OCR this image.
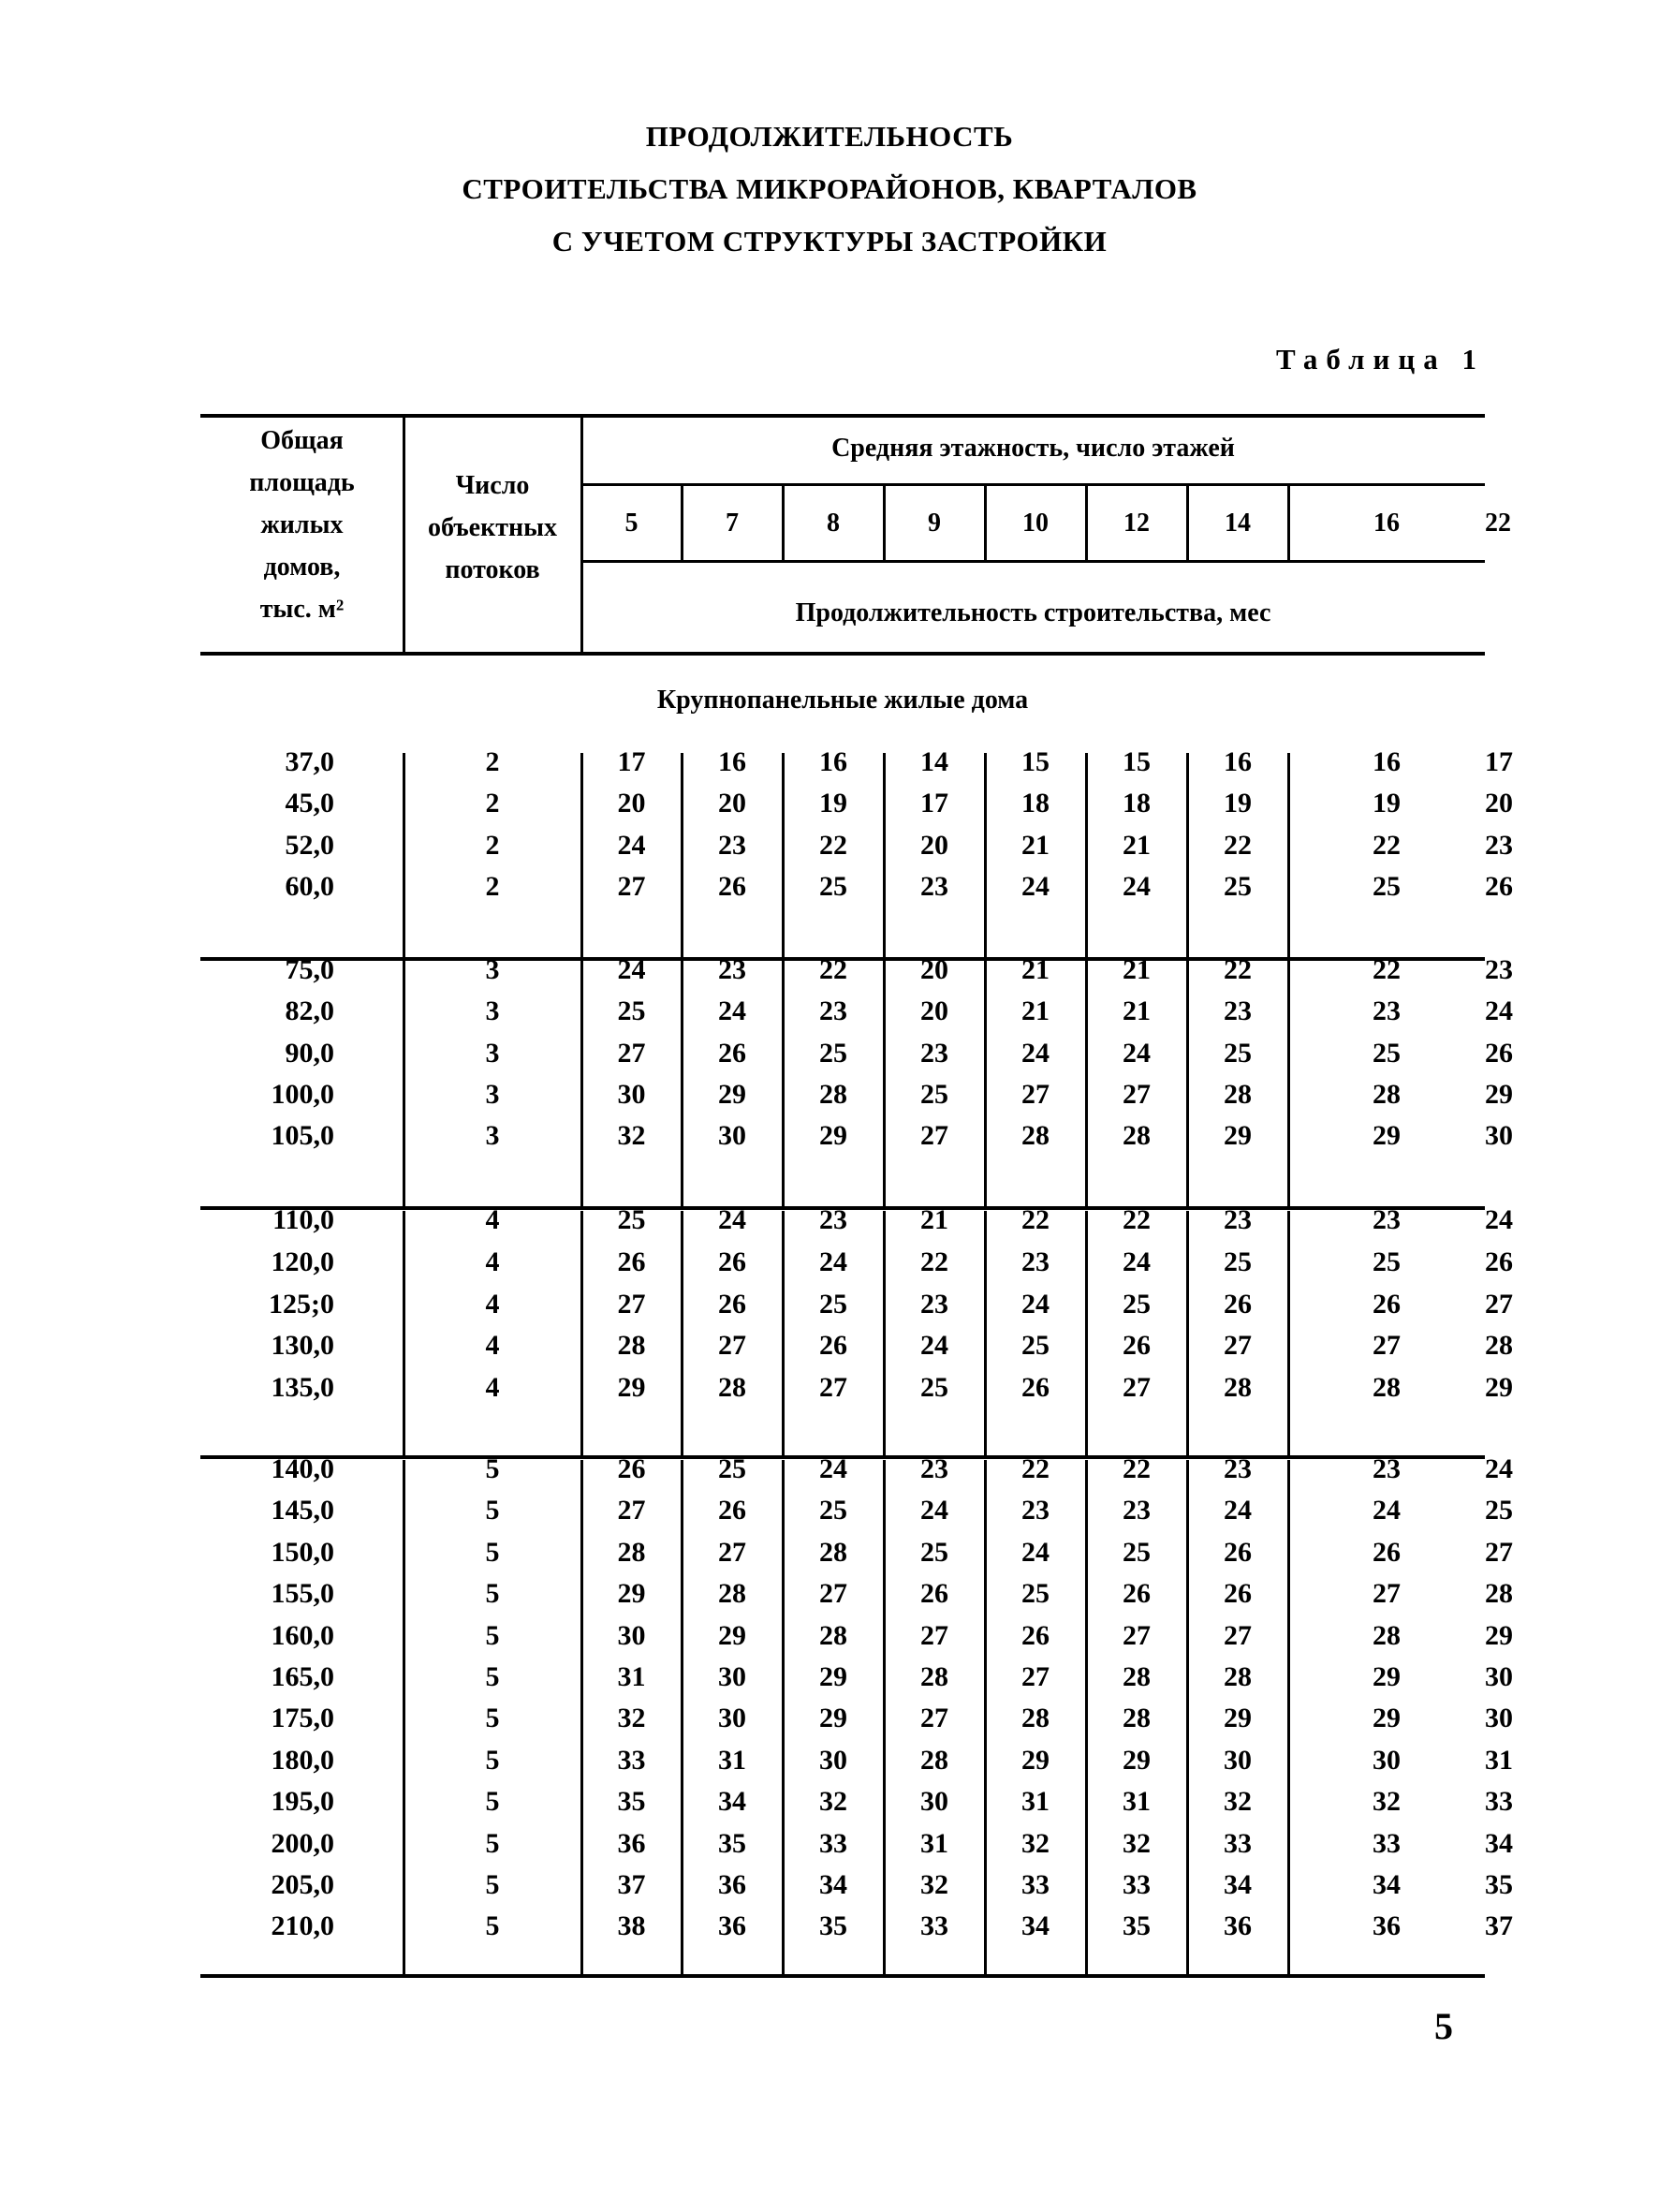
ПРОДОЛЖИТЕЛЬНОСТЬ
СТРОИТЕЛЬСТВА МИКРОРАЙОНОВ, КВАРТАЛОВ
С УЧЕТОМ СТРУКТУРЫ ЗАСТРОЙКИ
Таблица 1
Общая
площадь
жилых
домов,
тыс. м²
Число
объектных
потоков
Средняя этажность, число этажей
5	7	8	9	10	12	14	16	22
Продолжительность строительства, мес
Крупнопанельные жилые дома
37,0	2	17	16	16	14	15	15	16	16	17
45,0	2	20	20	19	17	18	18	19	19	20
52,0	2	24	23	22	20	21	21	22	22	23
60,0	2	27	26	25	23	24	24	25	25	26
75,0	3	24	23	22	20	21	21	22	22	23
82,0	3	25	24	23	20	21	21	23	23	24
90,0	3	27	26	25	23	24	24	25	25	26
100,0	3	30	29	28	25	27	27	28	28	29
105,0	3	32	30	29	27	28	28	29	29	30
110,0	4	25	24	23	21	22	22	23	23	24
120,0	4	26	26	24	22	23	24	25	25	26
125;0	4	27	26	25	23	24	25	26	26	27
130,0	4	28	27	26	24	25	26	27	27	28
135,0	4	29	28	27	25	26	27	28	28	29
140,0	5	26	25	24	23	22	22	23	23	24
145,0	5	27	26	25	24	23	23	24	24	25
150,0	5	28	27	28	25	24	25	26	26	27
155,0	5	29	28	27	26	25	26	26	27	28
160,0	5	30	29	28	27	26	27	27	28	29
165,0	5	31	30	29	28	27	28	28	29	30
175,0	5	32	30	29	27	28	28	29	29	30
180,0	5	33	31	30	28	29	29	30	30	31
195,0	5	35	34	32	30	31	31	32	32	33
200,0	5	36	35	33	31	32	32	33	33	34
205,0	5	37	36	34	32	33	33	34	34	35
210,0	5	38	36	35	33	34	35	36	36	37
5
